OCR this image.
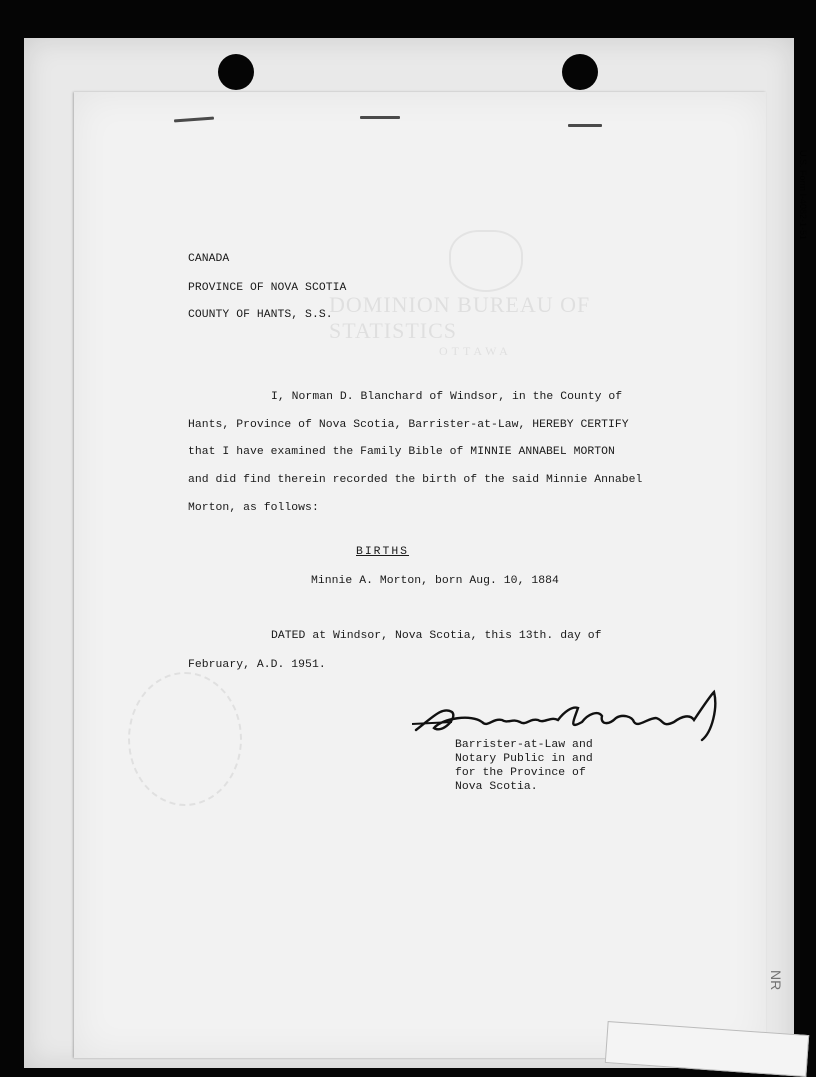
DOMINION BUREAU OF STATISTICS
OTTAWA
CANADA
PROVINCE OF NOVA SCOTIA
COUNTY OF HANTS, S.S.
I, Norman D. Blanchard of Windsor, in the County of
Hants, Province of Nova Scotia, Barrister-at-Law, HEREBY CERTIFY
that I have examined the Family Bible of MINNIE ANNABEL MORTON
and did find therein recorded the birth of the said Minnie Annabel
Morton, as follows:
BIRTHS
Minnie A. Morton, born Aug. 10, 1884
DATED at Windsor, Nova Scotia, this 13th. day of
February, A.D. 1951.
Barrister-at-Law and
Notary Public in and
for the Province of
Nova Scotia.
U.S. Form I-4082-1-51
NR
